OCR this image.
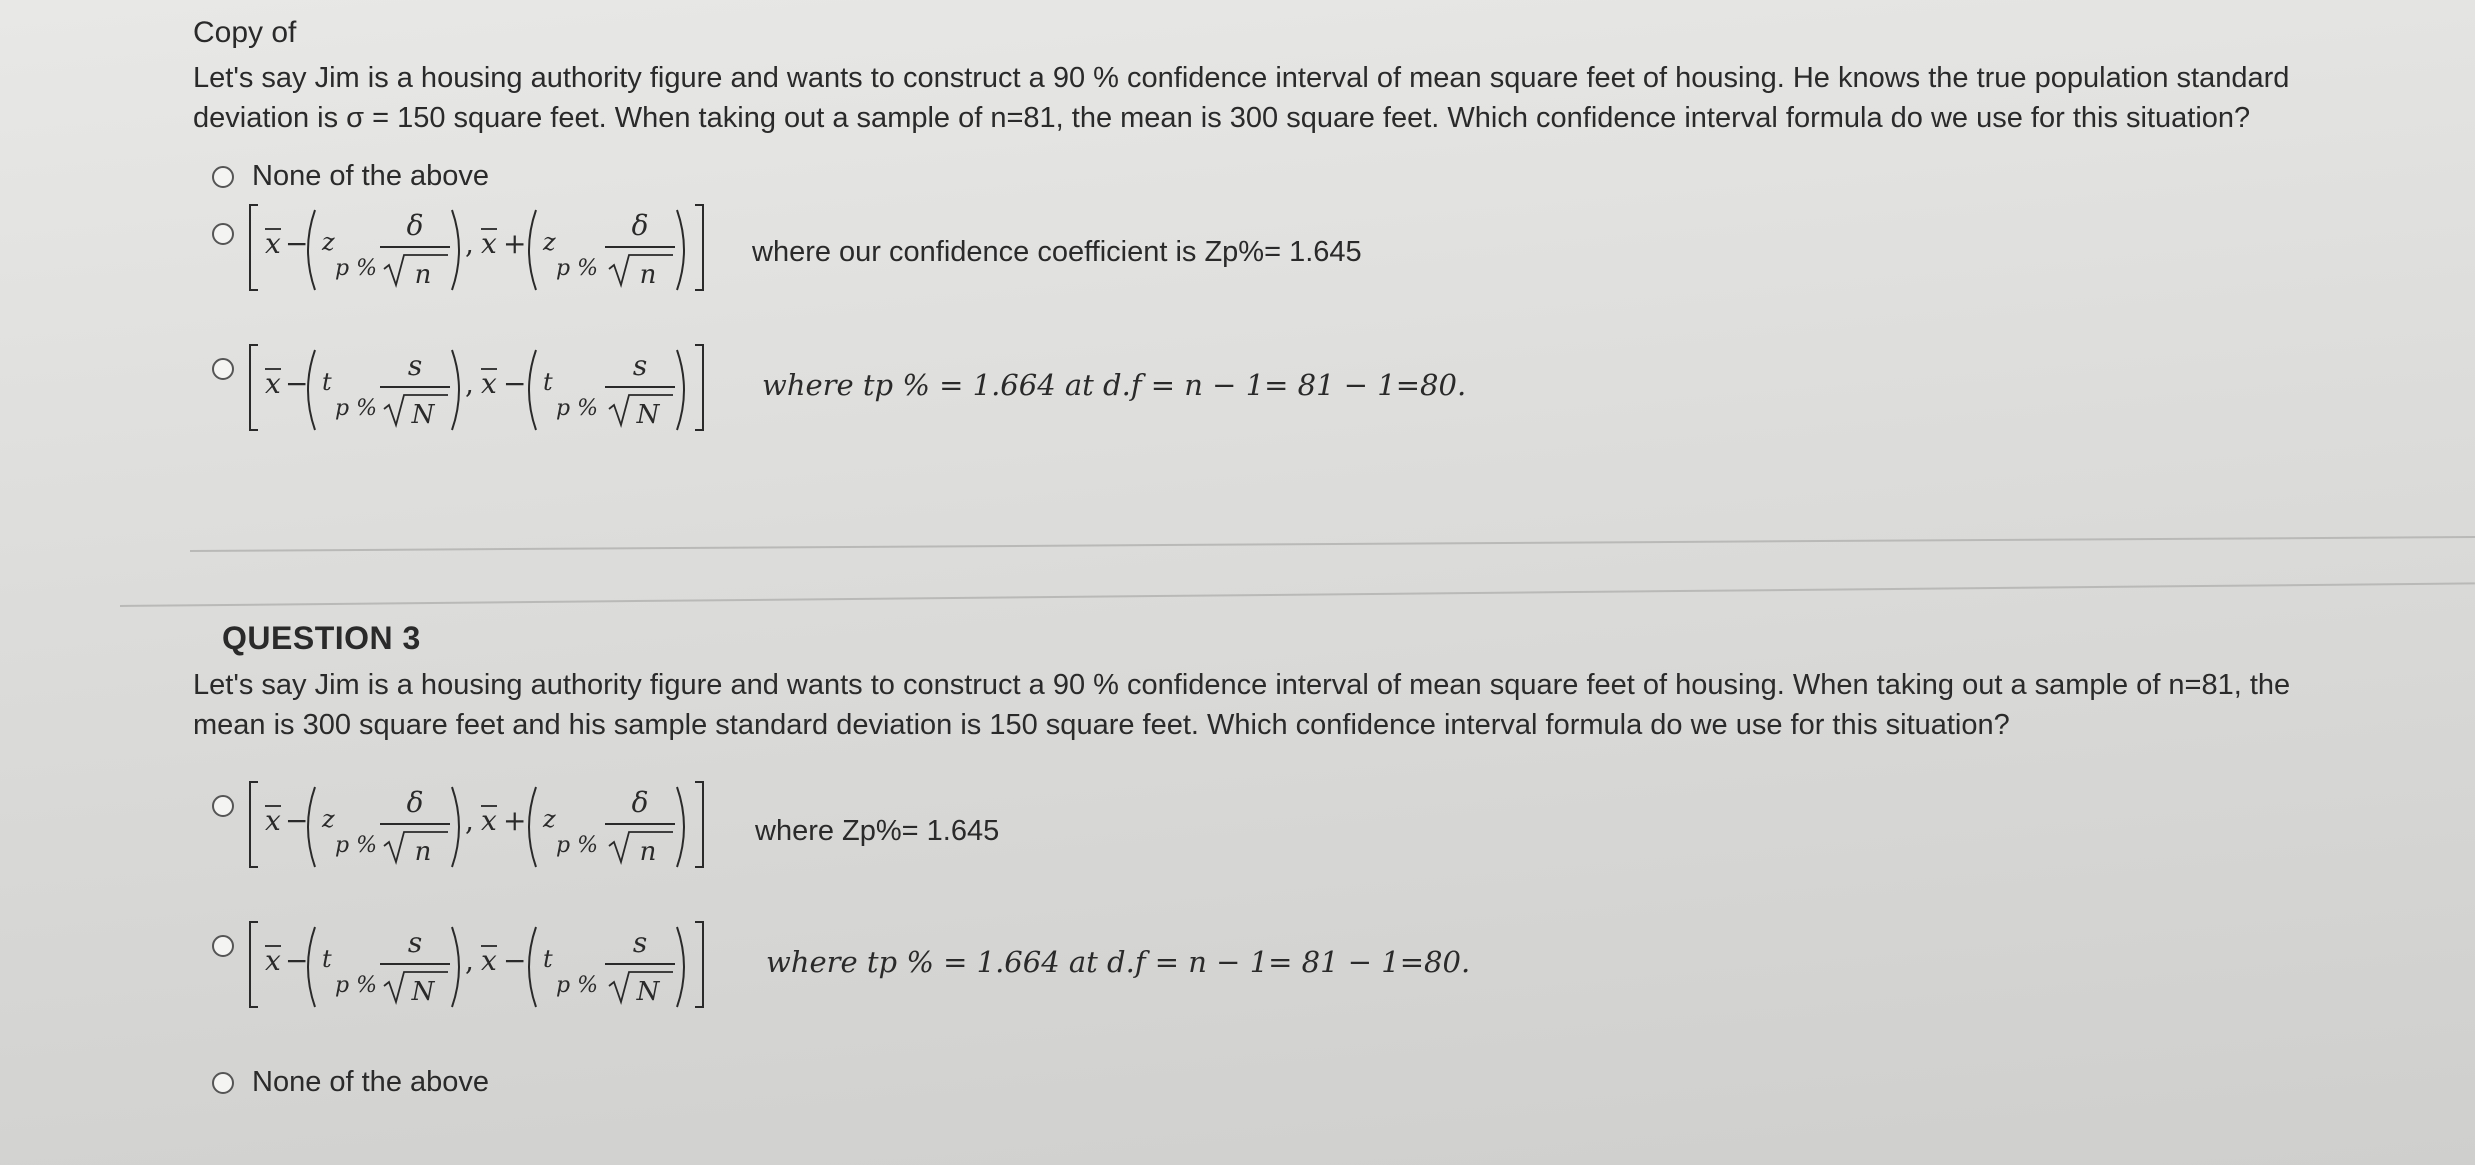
Copy of
Let's say Jim is a housing authority figure and wants to construct a 90 % confidence interval of mean square feet of housing. He knows the true population standard deviation is σ = 150 square feet. When taking out a sample of n=81, the mean is 300 square feet. Which confidence interval formula do we use for this situation?
None of the above
x − z
p %
δ
n
, x + z
p %
δ
n
where our confidence coefficient is Zp%= 1.645
x − t
p %
s
N
, x − t
p %
s
N
where tp % = 1.664 at d.f = n − 1= 81 − 1=80.
QUESTION 3
Let's say Jim is a housing authority figure and wants to construct a 90 % confidence interval of mean square feet of housing. When taking out a sample of n=81, the mean is 300 square feet and his sample standard deviation is 150 square feet. Which confidence interval formula do we use for this situation?
x − z
p %
δ
n
, x + z
p %
δ
n
where Zp%= 1.645
x − t
p %
s
N
, x − t
p %
s
N
where tp % = 1.664 at d.f = n − 1= 81 − 1=80.
None of the above
